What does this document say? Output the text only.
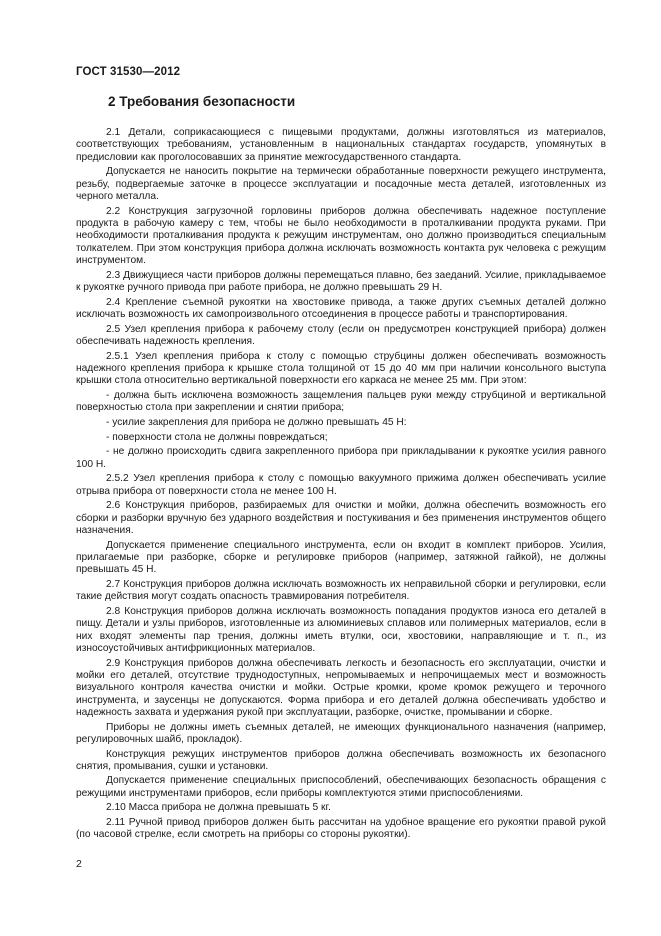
ГОСТ 31530—2012
2 Требования безопасности

2.1 Детали, соприкасающиеся с пищевыми продуктами, должны изготовляться из материалов, соответствующих требованиям, установленным в национальных стандартах государств, упомянутых в предисловии как проголосовавших за принятие межгосударственного стандарта.

Допускается не наносить покрытие на термически обработанные поверхности режущего инструмента, резьбу, подвергаемые заточке в процессе эксплуатации и посадочные места деталей, изготовленных из черного металла.

2.2 Конструкция загрузочной горловины приборов должна обеспечивать надежное поступление продукта в рабочую камеру с тем, чтобы не было необходимости в проталкивании продукта руками. При необходимости проталкивания продукта к режущим инструментам, оно должно производиться специальным толкателем. При этом конструкция прибора должна исключать возможность контакта рук человека с режущим инструментом.

2.3 Движущиеся части приборов должны перемещаться плавно, без заеданий. Усилие, прикладываемое к рукоятке ручного привода при работе прибора, не должно превышать 29 Н.

2.4 Крепление съемной рукоятки на хвостовике привода, а также других съемных деталей должно исключать возможность их самопроизвольного отсоединения в процессе работы и транспортирования.

2.5 Узел крепления прибора к рабочему столу (если он предусмотрен конструкцией прибора) должен обеспечивать надежность крепления.

2.5.1 Узел крепления прибора к столу с помощью струбцины должен обеспечивать возможность надежного крепления прибора к крышке стола толщиной от 15 до 40 мм при наличии консольного выступа крышки стола относительно вертикальной поверхности его каркаса не менее 25 мм. При этом:

- должна быть исключена возможность защемления пальцев руки между струбциной и вертикальной поверхностью стола при закреплении и снятии прибора;

- усилие закрепления для прибора не должно превышать 45 Н:

- поверхности стола не должны повреждаться;

- не должно происходить сдвига закрепленного прибора при прикладывании к рукоятке усилия равного 100 Н.

2.5.2 Узел крепления прибора к столу с помощью вакуумного прижима должен обеспечивать усилие отрыва прибора от поверхности стола не менее 100 Н.

2.6 Конструкция приборов, разбираемых для очистки и мойки, должна обеспечить возможность его сборки и разборки вручную без ударного воздействия и постукивания и без применения инструментов общего назначения.

Допускается применение специального инструмента, если он входит в комплект приборов. Усилия, прилагаемые при разборке, сборке и регулировке приборов (например, затяжной гайкой), не должны превышать 45 Н.

2.7 Конструкция приборов должна исключать возможность их неправильной сборки и регулировки, если такие действия могут создать опасность травмирования потребителя.

2.8 Конструкция приборов должна исключать возможность попадания продуктов износа его деталей в пищу. Детали и узлы приборов, изготовленные из алюминиевых сплавов или полимерных материалов, если в них входят элементы пар трения, должны иметь втулки, оси, хвостовики, направляющие и т. п., из износоустойчивых антифрикционных материалов.

2.9 Конструкция приборов должна обеспечивать легкость и безопасность его эксплуатации, очистки и мойки его деталей, отсутствие труднодоступных, непромываемых и непрочищаемых мест и возможность визуального контроля качества очистки и мойки. Острые кромки, кроме кромок режущего и терочного инструмента, и заусенцы не допускаются. Форма прибора и его деталей должна обеспечивать удобство и надежность захвата и удержания рукой при эксплуатации, разборке, очистке, промывании и сборке.

Приборы не должны иметь съемных деталей, не имеющих функционального назначения (например, регулировочных шайб, прокладок).

Конструкция режущих инструментов приборов должна обеспечивать возможность их безопасного снятия, промывания, сушки и установки.

Допускается применение специальных приспособлений, обеспечивающих безопасность обращения с режущими инструментами приборов, если приборы комплектуются этими приспособлениями.

2.10 Масса прибора не должна превышать 5 кг.

2.11 Ручной привод приборов должен быть рассчитан на удобное вращение его рукоятки правой рукой (по часовой стрелке, если смотреть на приборы со стороны рукоятки).

2
